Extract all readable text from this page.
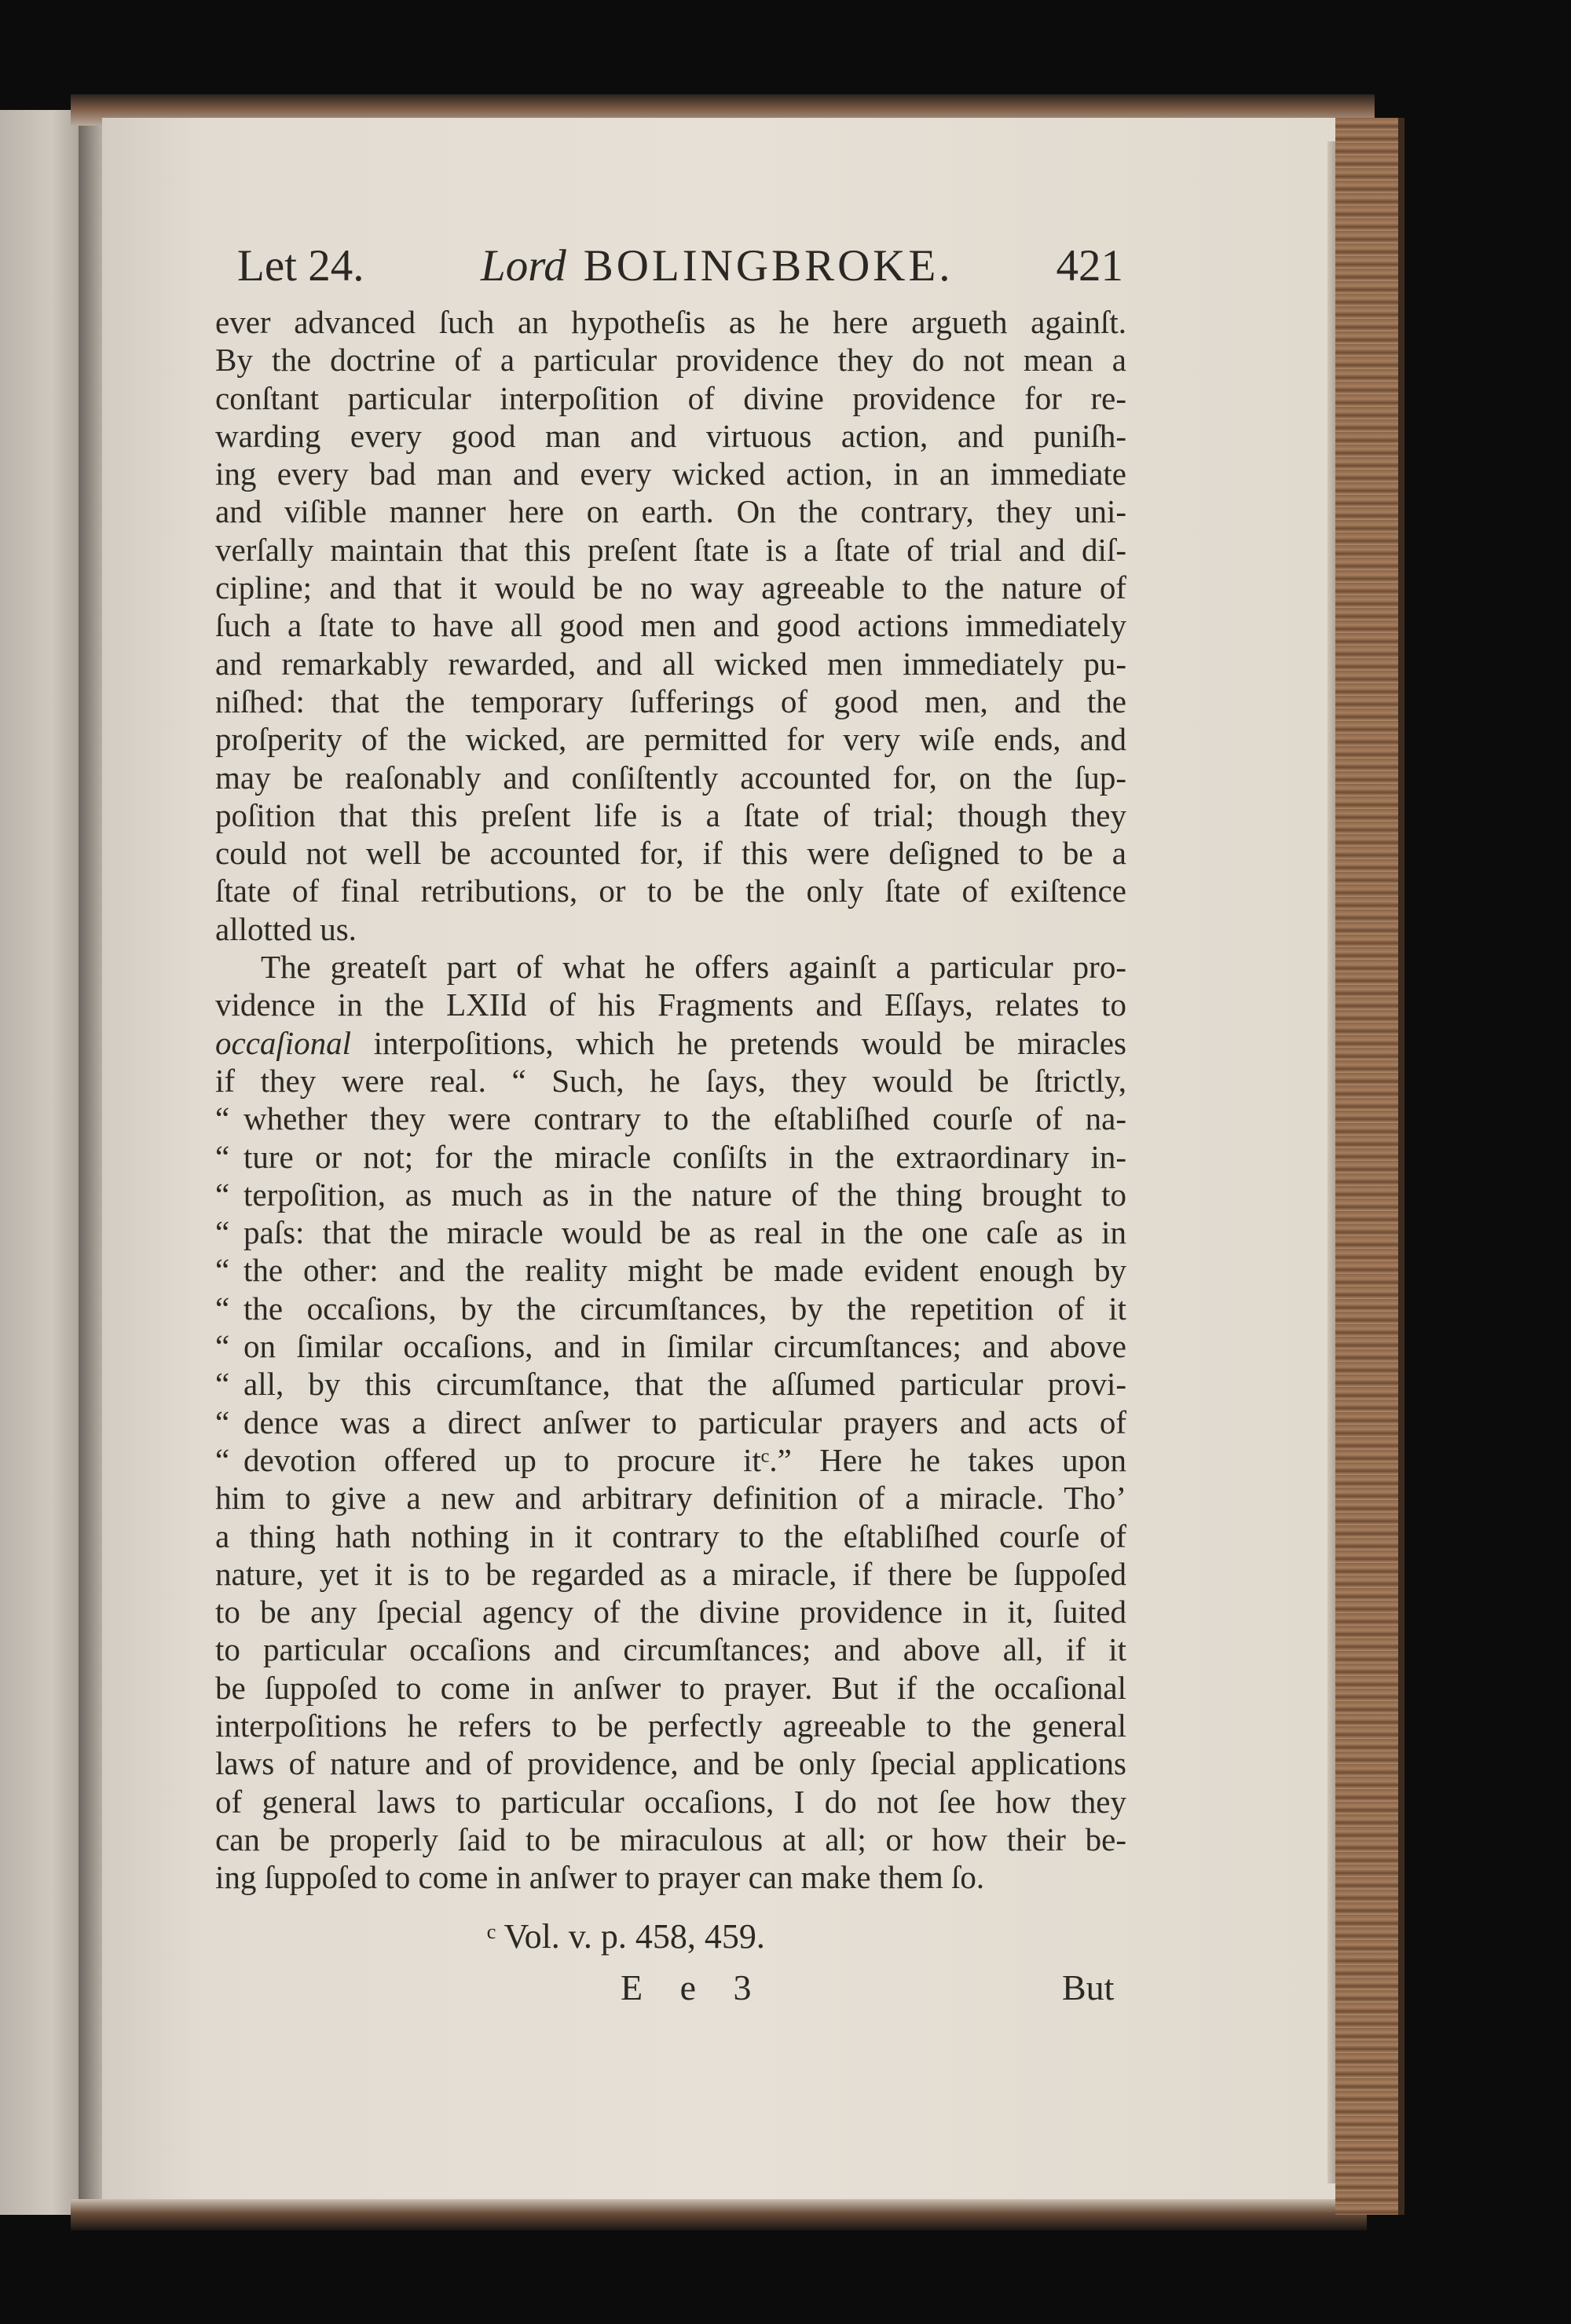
Let 24.	Lord BOLINGBROKE. 421
ever advanced ſuch an hypotheſis as he here argueth againſt.
By the doctrine of a particular providence they do not mean a
conſtant particular interpoſition of divine providence for re-
warding every good man and virtuous action, and puniſh-
ing every bad man and every wicked action, in an immediate
and viſible manner here on earth. On the contrary, they uni-
verſally maintain that this preſent ſtate is a ſtate of trial and diſ-
cipline; and that it would be no way agreeable to the nature of
ſuch a ſtate to have all good men and good actions immediately
and remarkably rewarded, and all wicked men immediately pu-
niſhed: that the temporary ſufferings of good men, and the
proſperity of the wicked, are permitted for very wiſe ends, and
may be reaſonably and conſiſtently accounted for, on the ſup-
poſition that this preſent life is a ſtate of trial; though they
could not well be accounted for, if this were deſigned to be a
ſtate of final retributions, or to be the only ſtate of exiſtence
allotted us.
The greateſt part of what he offers againſt a particular pro-
vidence in the LXIId of his Fragments and Eſſays, relates to
occaſional interpoſitions, which he pretends would be miracles
if they were real. “ Such, he ſays, they would be ſtrictly,
“ whether they were contrary to the eſtabliſhed courſe of na-
“ ture or not; for the miracle conſiſts in the extraordinary in-
“ terpoſition, as much as in the nature of the thing brought to
“ paſs: that the miracle would be as real in the one caſe as in
“ the other: and the reality might be made evident enough by
“ the occaſions, by the circumſtances, by the repetition of it
“ on ſimilar occaſions, and in ſimilar circumſtances; and above
“ all, by this circumſtance, that the aſſumed particular provi-
“ dence was a direct anſwer to particular prayers and acts of
“ devotion offered up to procure itᶜ.” Here he takes upon
him to give a new and arbitrary definition of a miracle. Tho’
a thing hath nothing in it contrary to the eſtabliſhed courſe of
nature, yet it is to be regarded as a miracle, if there be ſuppoſed
to be any ſpecial agency of the divine providence in it, ſuited
to particular occaſions and circumſtances; and above all, if it
be ſuppoſed to come in anſwer to prayer. But if the occaſional
interpoſitions he refers to be perfectly agreeable to the general
laws of nature and of providence, and be only ſpecial applications
of general laws to particular occaſions, I do not ſee how they
can be properly ſaid to be miraculous at all; or how their be-
ing ſuppoſed to come in anſwer to prayer can make them ſo.
ᶜ Vol. v. p. 458, 459.
E e 3	But
